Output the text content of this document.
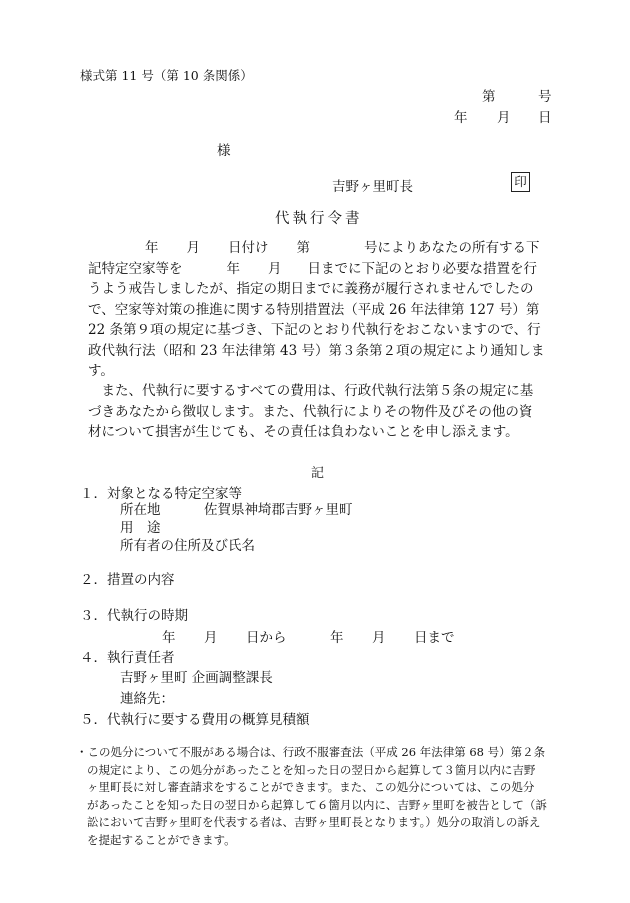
様式第 11 号（第 10 条関係）
第	号
年 月 日
様
吉野ヶ里町長	印
代執行令書
年 月 日付け 第	号によりあなたの所有する下
記特定空家等を	年 月 日までに下記のとおり必要な措置を行
うよう戒告しましたが、指定の期日までに義務が履行されませんでしたの
で、空家等対策の推進に関する特別措置法（平成 26 年法律第 127 号）第
22 条第９項の規定に基づき、下記のとおり代執行をおこないますので、行
政代執行法（昭和 23 年法律第 43 号）第３条第２項の規定により通知しま
す。
　また、代執行に要するすべての費用は、行政代執行法第５条の規定に基
づきあなたから徴収します。また、代執行によりその物件及びその他の資
材について損害が生じても、その責任は負わないことを申し添えます。
記
１．対象となる特定空家等
所在地	佐賀県神埼郡吉野ヶ里町
用　途
所有者の住所及び氏名
２．措置の内容
３．代執行の時期
年 月 日から	年 月 日まで
４．執行責任者
吉野ヶ里町 企画調整課長
連絡先：
５．代執行に要する費用の概算見積額
・この処分について不服がある場合は、行政不服審査法（平成 26 年法律第 68 号）第２条
の規定により、この処分があったことを知った日の翌日から起算して３箇月以内に吉野
ヶ里町長に対し審査請求をすることができます。また、この処分については、この処分
があったことを知った日の翌日から起算して６箇月以内に、吉野ヶ里町を被告として（訴
訟において吉野ヶ里町を代表する者は、吉野ヶ里町長となります。）処分の取消しの訴え
を提起することができます。
